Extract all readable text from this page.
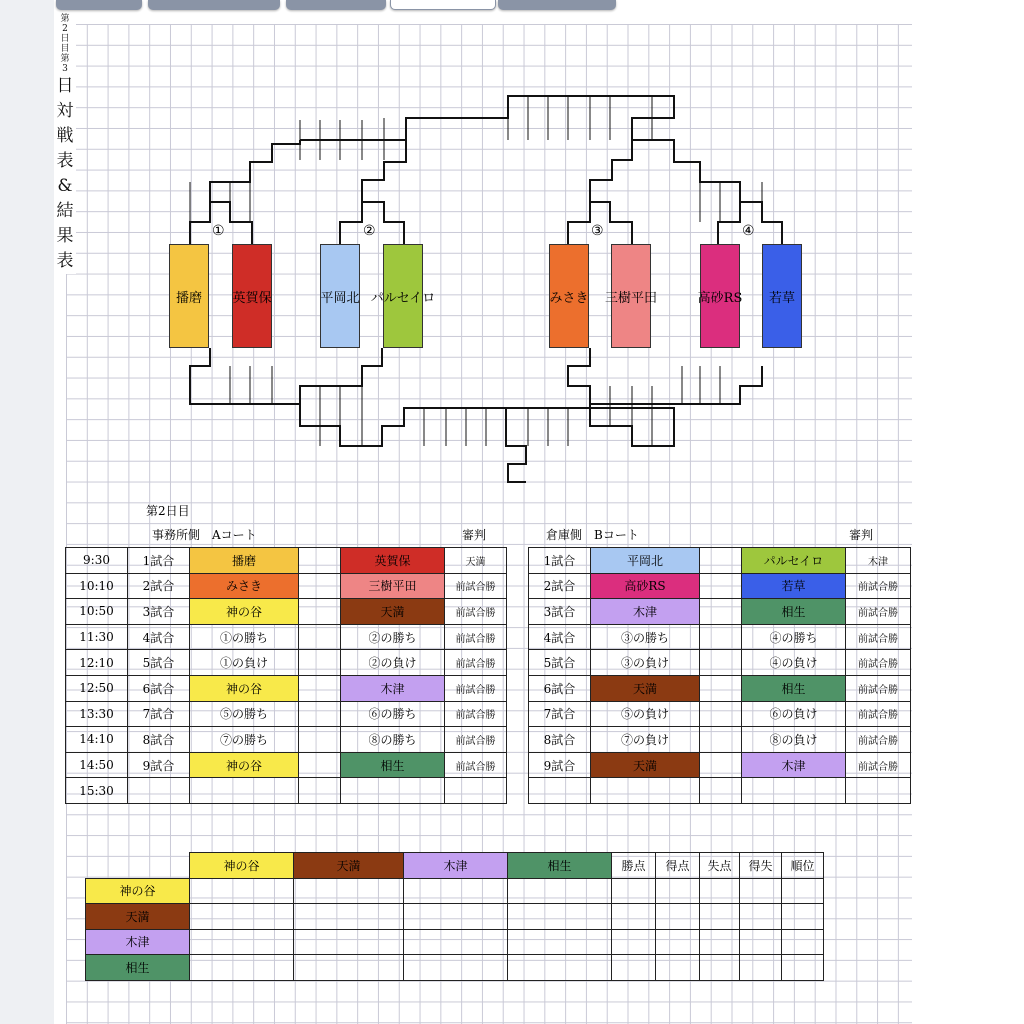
第
2
日
目
第
3
日
対
戦
表
&
結
果
表
①	②	③	④
播磨 英賀保	平岡北 パルセイロ	みさき 三樹平田	高砂RS 若草
第2日目
事務所側　Aコート	審判	倉庫側　Bコート	審判
9:30	1試合	播磨		英賀保	天満
10:10	2試合	みさき		三樹平田	前試合勝
10:50	3試合	神の谷		天満	前試合勝
11:30	4試合	①の勝ち		②の勝ち	前試合勝
12:10	5試合	①の負け		②の負け	前試合勝
12:50	6試合	神の谷		木津	前試合勝
13:30	7試合	⑤の勝ち		⑥の勝ち	前試合勝
14:10	8試合	⑦の勝ち		⑧の勝ち	前試合勝
14:50	9試合	神の谷		相生	前試合勝
15:30					
1試合	平岡北		パルセイロ	木津
2試合	高砂RS		若草	前試合勝
3試合	木津		相生	前試合勝
4試合	③の勝ち		④の勝ち	前試合勝
5試合	③の負け		④の負け	前試合勝
6試合	天満		相生	前試合勝
7試合	⑤の負け		⑥の負け	前試合勝
8試合	⑦の負け		⑧の負け	前試合勝
9試合	天満		木津	前試合勝

	神の谷	天満	木津	相生	勝点	得点	失点	得失	順位
神の谷									
天満									
木津									
相生									
